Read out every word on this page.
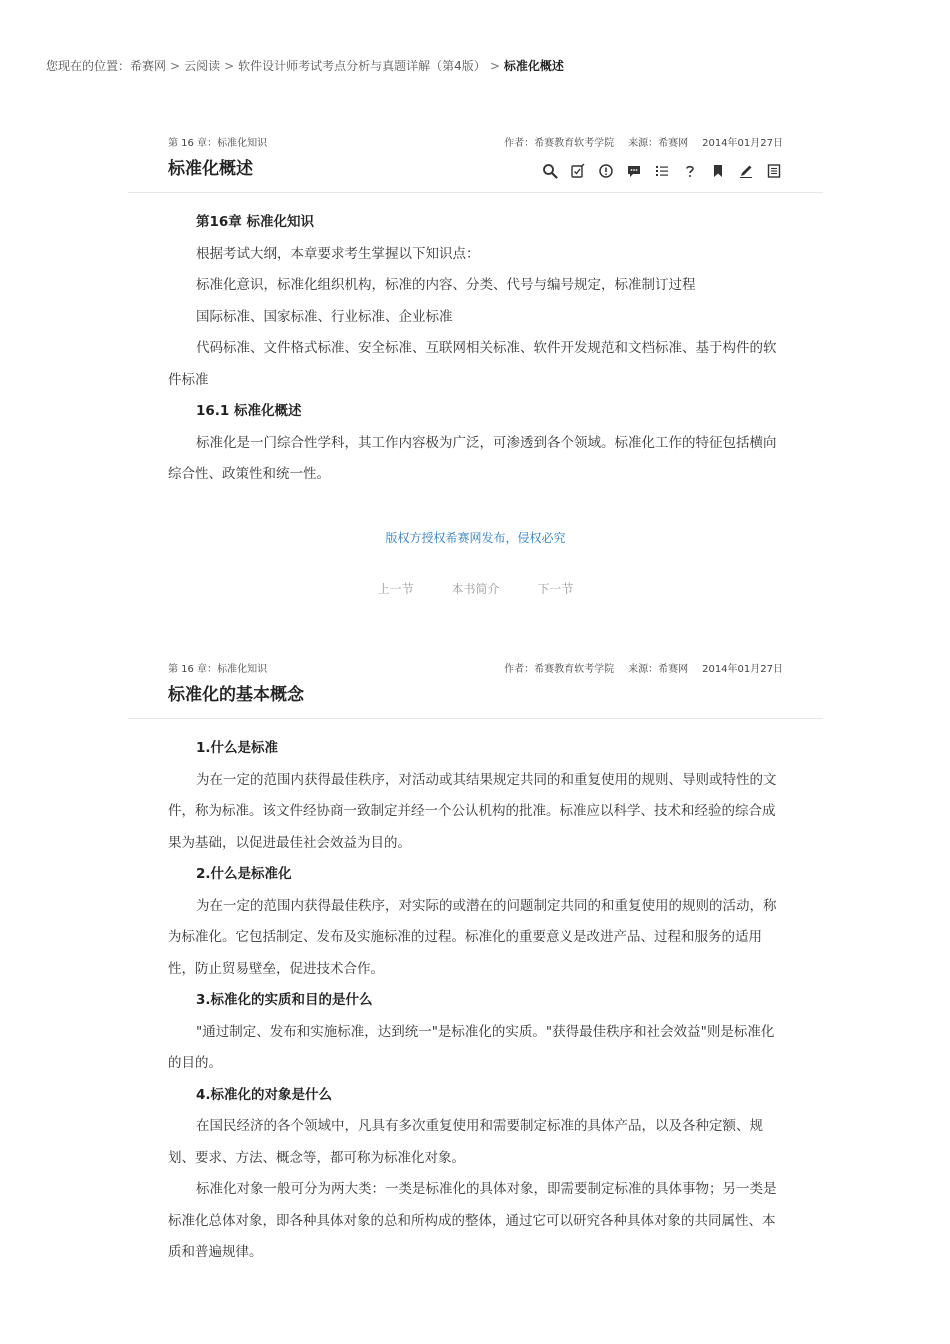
您现在的位置：希赛网 > 云阅读 > 软件设计师考试考点分析与真题详解（第4版） > 标准化概述
第 16 章：标准化知识	作者：希赛教育软考学院 来源：希赛网 2014年01月27日
标准化概述

第16章 标准化知识

根据考试大纲，本章要求考生掌握以下知识点：

标准化意识，标准化组织机构，标准的内容、分类、代号与编号规定，标准制订过程

国际标准、国家标准、行业标准、企业标准

代码标准、文件格式标准、安全标准、互联网相关标准、软件开发规范和文档标准、基于构件的软件标准

16.1 标准化概述

标准化是一门综合性学科，其工作内容极为广泛，可渗透到各个领域。标准化工作的特征包括横向综合性、政策性和统一性。

版权方授权希赛网发布，侵权必究
上一节	本书简介	下一节
第 16 章：标准化知识	作者：希赛教育软考学院 来源：希赛网 2014年01月27日
标准化的基本概念

1.什么是标准

为在一定的范围内获得最佳秩序，对活动或其结果规定共同的和重复使用的规则、导则或特性的文件，称为标准。该文件经协商一致制定并经一个公认机构的批准。标准应以科学、技术和经验的综合成果为基础，以促进最佳社会效益为目的。

2.什么是标准化

为在一定的范围内获得最佳秩序，对实际的或潜在的问题制定共同的和重复使用的规则的活动，称为标准化。它包括制定、发布及实施标准的过程。标准化的重要意义是改进产品、过程和服务的适用性，防止贸易壁垒，促进技术合作。

3.标准化的实质和目的是什么

"通过制定、发布和实施标准，达到统一"是标准化的实质。"获得最佳秩序和社会效益"则是标准化的目的。

4.标准化的对象是什么

在国民经济的各个领域中，凡具有多次重复使用和需要制定标准的具体产品，以及各种定额、规划、要求、方法、概念等，都可称为标准化对象。

标准化对象一般可分为两大类：一类是标准化的具体对象，即需要制定标准的具体事物；另一类是标准化总体对象，即各种具体对象的总和所构成的整体，通过它可以研究各种具体对象的共同属性、本质和普遍规律。
